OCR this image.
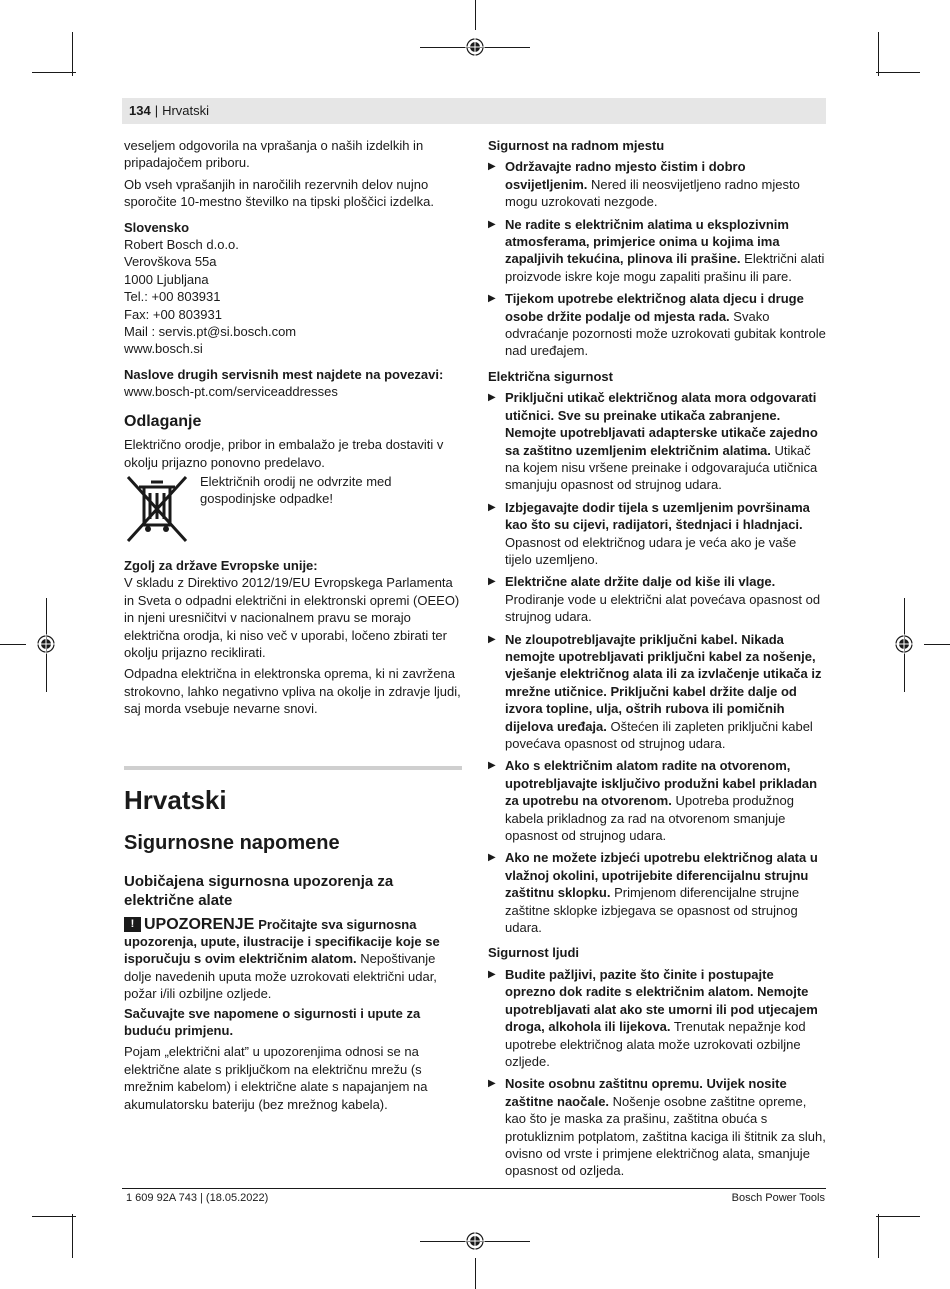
134 | Hrvatski

veseljem odgovorila na vprašanja o naših izdelkih in pripadajočem priboru.

Ob vseh vprašanjih in naročilih rezervnih delov nujno sporočite 10-mestno številko na tipski ploščici izdelka.

Slovensko
Robert Bosch d.o.o.
Verovškova 55a
1000 Ljubljana
Tel.: +00 803931
Fax: +00 803931
Mail : servis.pt@si.bosch.com
www.bosch.si
Naslove drugih servisnih mest najdete na povezavi:
www.bosch-pt.com/serviceaddresses
Odlaganje

Električno orodje, pribor in embalažo je treba dostaviti v okolju prijazno ponovno predelavo.

Električnih orodij ne odvrzite med gospodinjske odpadke!
Zgolj za države Evropske unije:

V skladu z Direktivo 2012/19/EU Evropskega Parlamenta in Sveta o odpadni električni in elektronski opremi (OEEO) in njeni uresničitvi v nacionalnem pravu se morajo električna orodja, ki niso več v uporabi, ločeno zbirati ter okolju prijazno reciklirati.

Odpadna električna in elektronska oprema, ki ni zavržena strokovno, lahko negativno vpliva na okolje in zdravje ljudi, saj morda vsebuje nevarne snovi.

Hrvatski
Sigurnosne napomene
Uobičajena sigurnosna upozorenja za električne alate
! UPOZORENJE Pročitajte sva sigurnosna upozorenja, upute, ilustracije i specifikacije koje se isporučuju s ovim električnim alatom. Nepoštivanje dolje navedenih uputa može uzrokovati električni udar, požar i/ili ozbiljne ozljede.

Sačuvajte sve napomene o sigurnosti i upute za buduću primjenu.

Pojam „električni alat” u upozorenjima odnosi se na električne alate s priključkom na električnu mrežu (s mrežnim kabelom) i električne alate s napajanjem na akumulatorsku bateriju (bez mrežnog kabela).

Sigurnost na radnom mjestu
▶ Održavajte radno mjesto čistim i dobro osvijetljenim. Nered ili neosvijetljeno radno mjesto mogu uzrokovati nezgode.
▶ Ne radite s električnim alatima u eksplozivnim atmosferama, primjerice onima u kojima ima zapaljivih tekućina, plinova ili prašine. Električni alati proizvode iskre koje mogu zapaliti prašinu ili pare.
▶ Tijekom upotrebe električnog alata djecu i druge osobe držite podalje od mjesta rada. Svako odvraćanje pozornosti može uzrokovati gubitak kontrole nad uređajem.
Električna sigurnost
▶ Priključni utikač električnog alata mora odgovarati utičnici. Sve su preinake utikača zabranjene. Nemojte upotrebljavati adapterske utikače zajedno sa zaštitno uzemljenim električnim alatima. Utikač na kojem nisu vršene preinake i odgovarajuća utičnica smanjuju opasnost od strujnog udara.
▶ Izbjegavajte dodir tijela s uzemljenim površinama kao što su cijevi, radijatori, štednjaci i hladnjaci. Opasnost od električnog udara je veća ako je vaše tijelo uzemljeno.
▶ Električne alate držite dalje od kiše ili vlage. Prodiranje vode u električni alat povećava opasnost od strujnog udara.
▶ Ne zloupotrebljavajte priključni kabel. Nikada nemojte upotrebljavati priključni kabel za nošenje, vješanje električnog alata ili za izvlačenje utikača iz mrežne utičnice. Priključni kabel držite dalje od izvora topline, ulja, oštrih rubova ili pomičnih dijelova uređaja. Oštećen ili zapleten priključni kabel povećava opasnost od strujnog udara.
▶ Ako s električnim alatom radite na otvorenom, upotrebljavajte isključivo produžni kabel prikladan za upotrebu na otvorenom. Upotreba produžnog kabela prikladnog za rad na otvorenom smanjuje opasnost od strujnog udara.
▶ Ako ne možete izbjeći upotrebu električnog alata u vlažnoj okolini, upotrijebite diferencijalnu strujnu zaštitnu sklopku. Primjenom diferencijalne strujne zaštitne sklopke izbjegava se opasnost od strujnog udara.
Sigurnost ljudi
▶ Budite pažljivi, pazite što činite i postupajte oprezno dok radite s električnim alatom. Nemojte upotrebljavati alat ako ste umorni ili pod utjecajem droga, alkohola ili lijekova. Trenutak nepažnje kod upotrebe električnog alata može uzrokovati ozbiljne ozljede.
▶ Nosite osobnu zaštitnu opremu. Uvijek nosite zaštitne naočale. Nošenje osobne zaštitne opreme, kao što je maska za prašinu, zaštitna obuća s protukliznim potplatom, zaštitna kaciga ili štitnik za sluh, ovisno od vrste i primjene električnog alata, smanjuje opasnost od ozljeda.
1 609 92A 743 | (18.05.2022)	Bosch Power Tools
